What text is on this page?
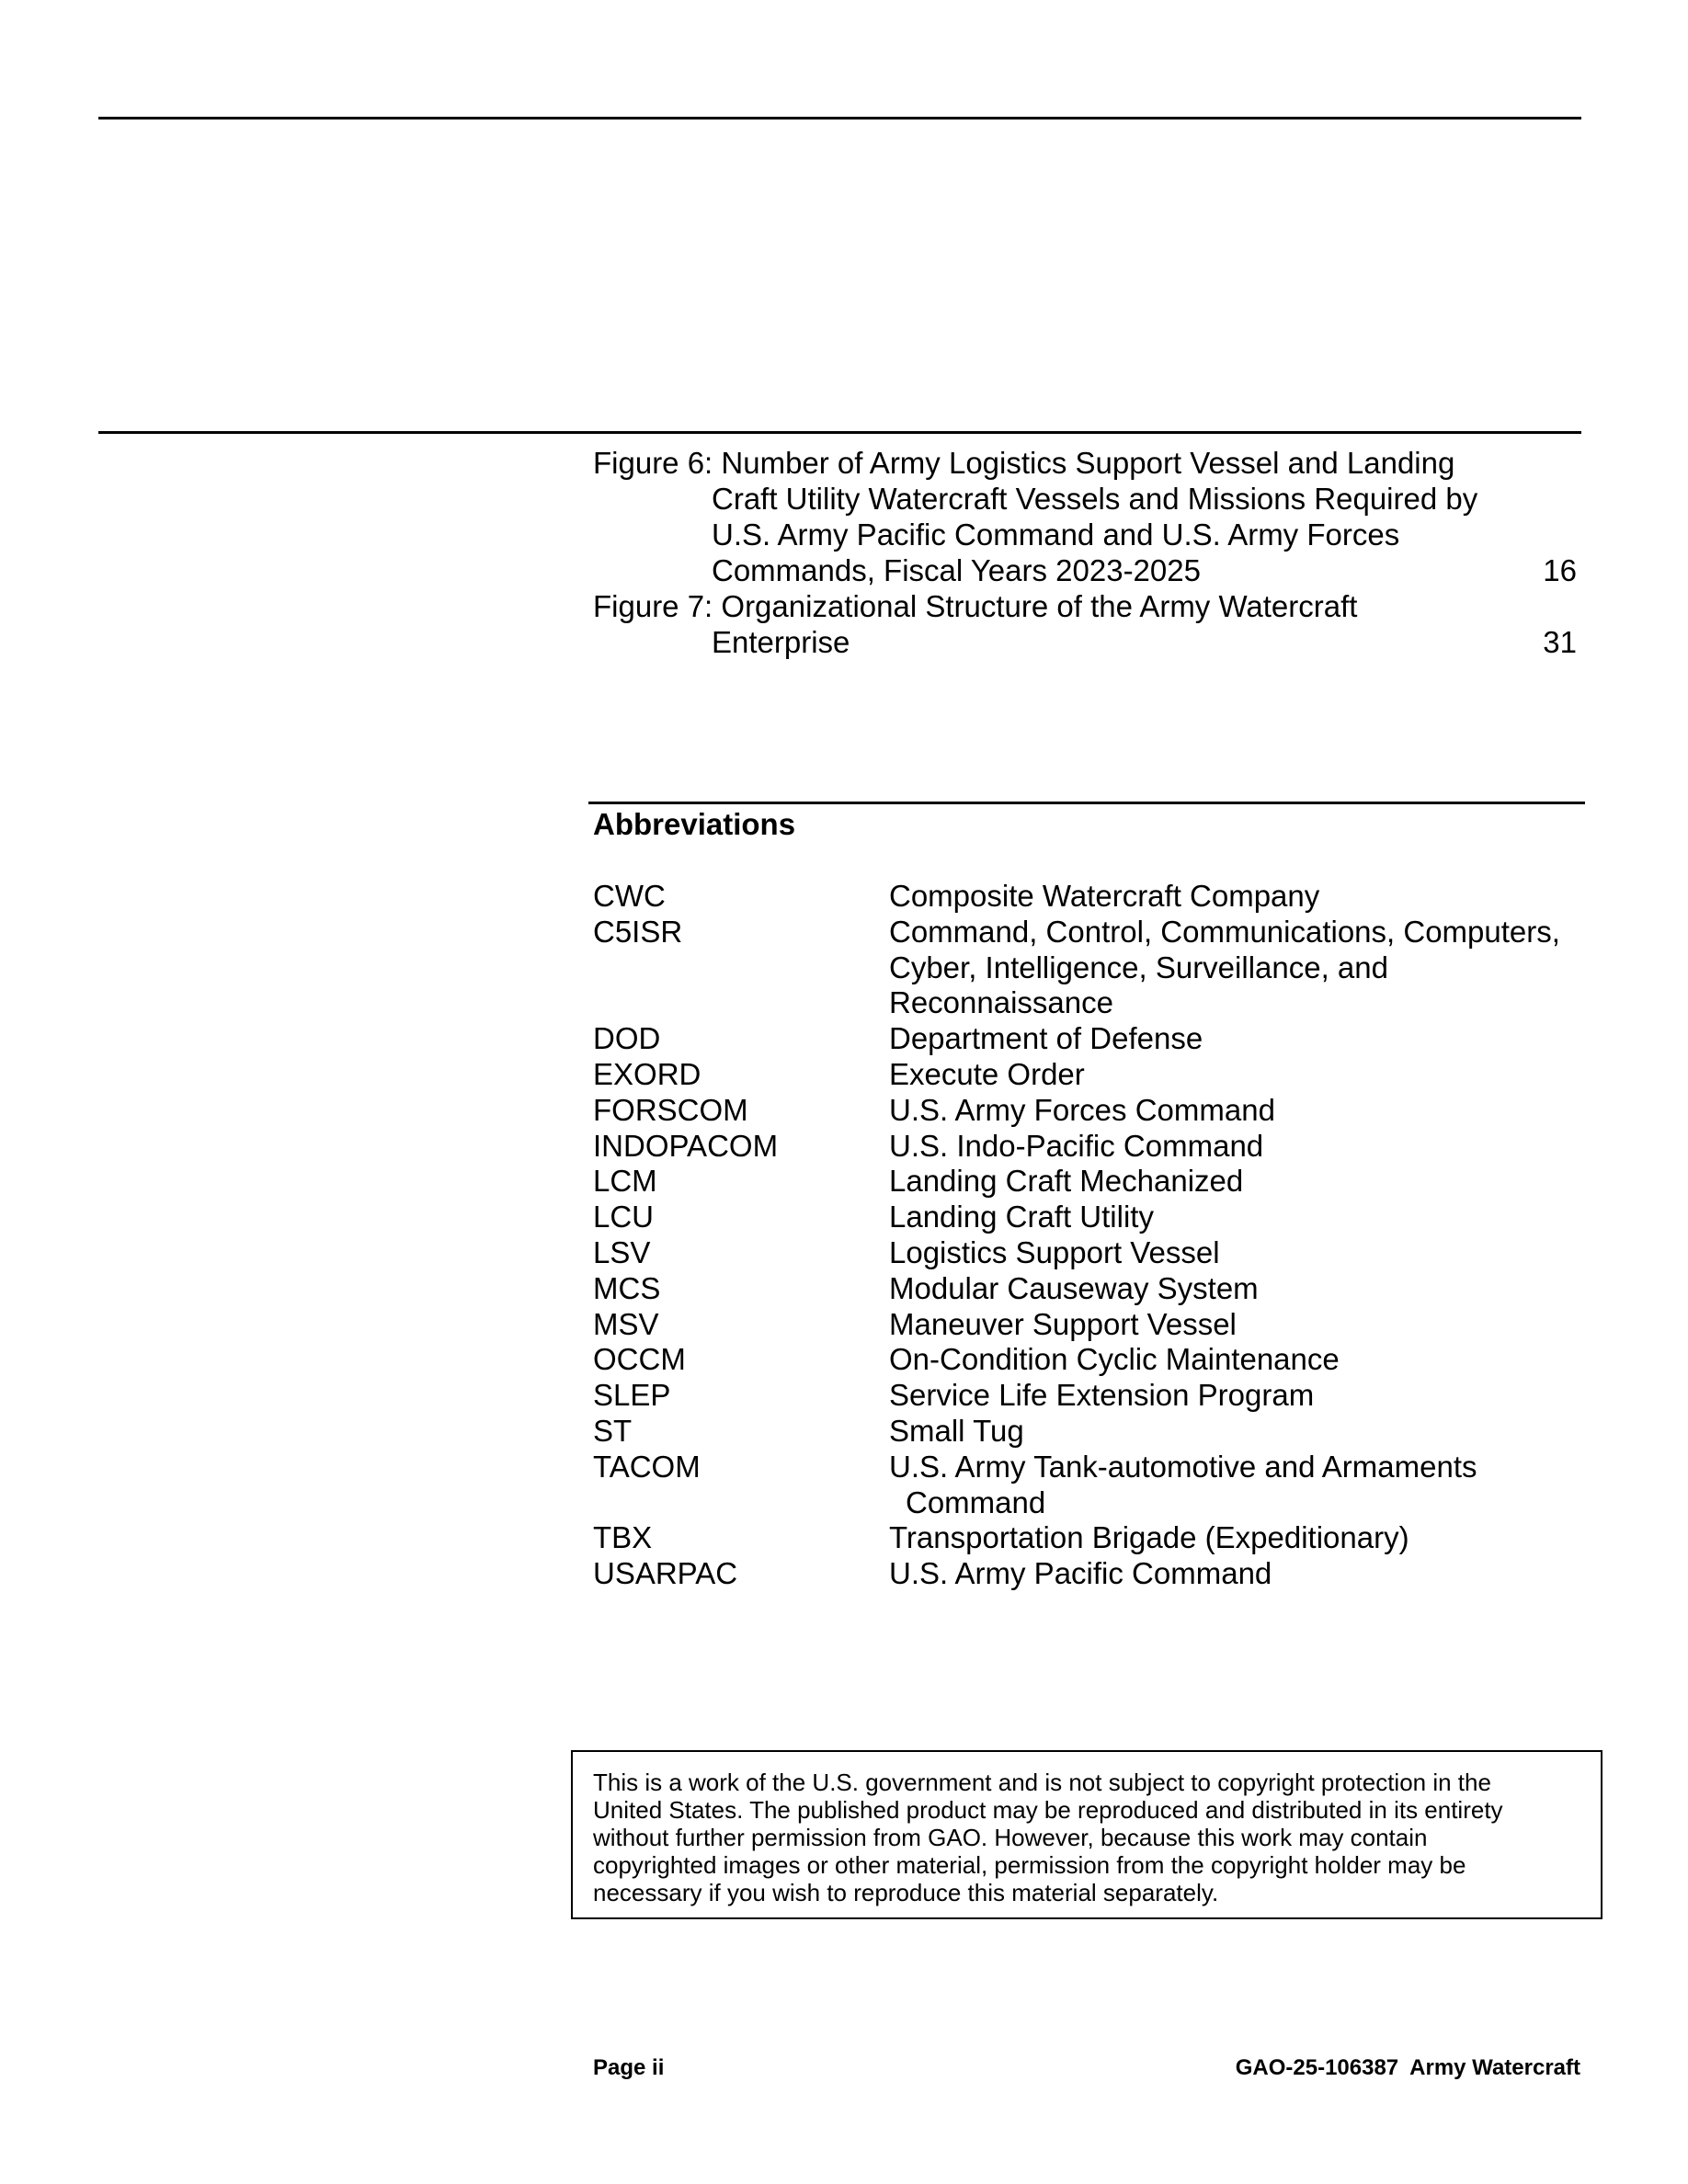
Figure 6: Number of Army Logistics Support Vessel and Landing
Craft Utility Watercraft Vessels and Missions Required by
U.S. Army Pacific Command and U.S. Army Forces
Commands, Fiscal Years 2023-2025	16
Figure 7: Organizational Structure of the Army Watercraft
Enterprise	31
Abbreviations
CWC	Composite Watercraft Company
C5ISR	Command, Control, Communications, Computers,
Cyber, Intelligence, Surveillance, and
Reconnaissance
DOD	Department of Defense
EXORD	Execute Order
FORSCOM	U.S. Army Forces Command
INDOPACOM	U.S. Indo-Pacific Command
LCM	Landing Craft Mechanized
LCU	Landing Craft Utility
LSV	Logistics Support Vessel
MCS	Modular Causeway System
MSV	Maneuver Support Vessel
OCCM	On-Condition Cyclic Maintenance
SLEP	Service Life Extension Program
ST	Small Tug
TACOM	U.S. Army Tank-automotive and Armaments
Command
TBX	Transportation Brigade (Expeditionary)
USARPAC	U.S. Army Pacific Command
This is a work of the U.S. government and is not subject to copyright protection in the
United States. The published product may be reproduced and distributed in its entirety
without further permission from GAO. However, because this work may contain
copyrighted images or other material, permission from the copyright holder may be
necessary if you wish to reproduce this material separately.
Page ii	GAO-25-106387 Army Watercraft
